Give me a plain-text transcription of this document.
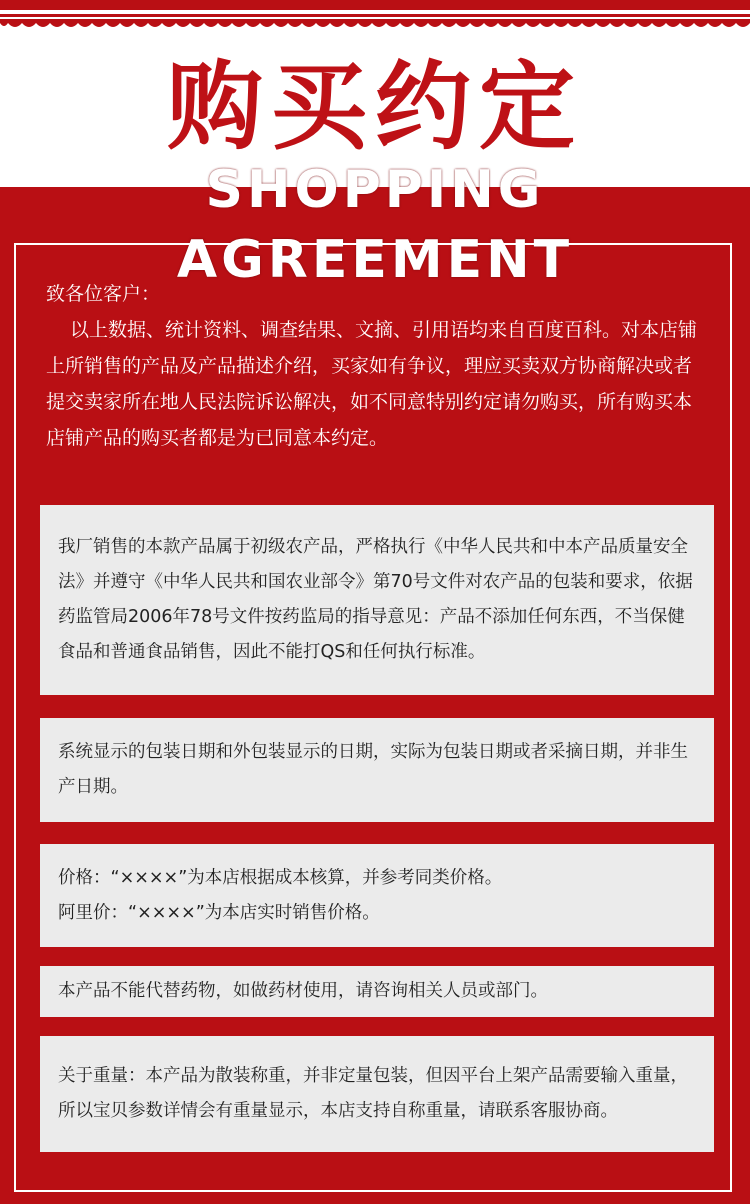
购买约定
SHOPPING AGREEMENT
致各位客户：
以上数据、统计资料、调查结果、文摘、引用语均来自百度百科。对本店铺上所销售的产品及产品描述介绍，买家如有争议，理应买卖双方协商解决或者提交卖家所在地人民法院诉讼解决，如不同意特别约定请勿购买，所有购买本店铺产品的购买者都是为已同意本约定。
我厂销售的本款产品属于初级农产品，严格执行《中华人民共和中本产品质量安全法》并遵守《中华人民共和国农业部令》第70号文件对农产品的包装和要求，依据药监管局2006年78号文件按药监局的指导意见：产品不添加任何东西，不当保健食品和普通食品销售，因此不能打QS和任何执行标准。
系统显示的包装日期和外包装显示的日期，实际为包装日期或者采摘日期，并非生产日期。
价格：“××××”为本店根据成本核算，并参考同类价格。
阿里价：“××××”为本店实时销售价格。
本产品不能代替药物，如做药材使用，请咨询相关人员或部门。
关于重量：本产品为散装称重，并非定量包装，但因平台上架产品需要输入重量，所以宝贝参数详情会有重量显示，本店支持自称重量，请联系客服协商。
